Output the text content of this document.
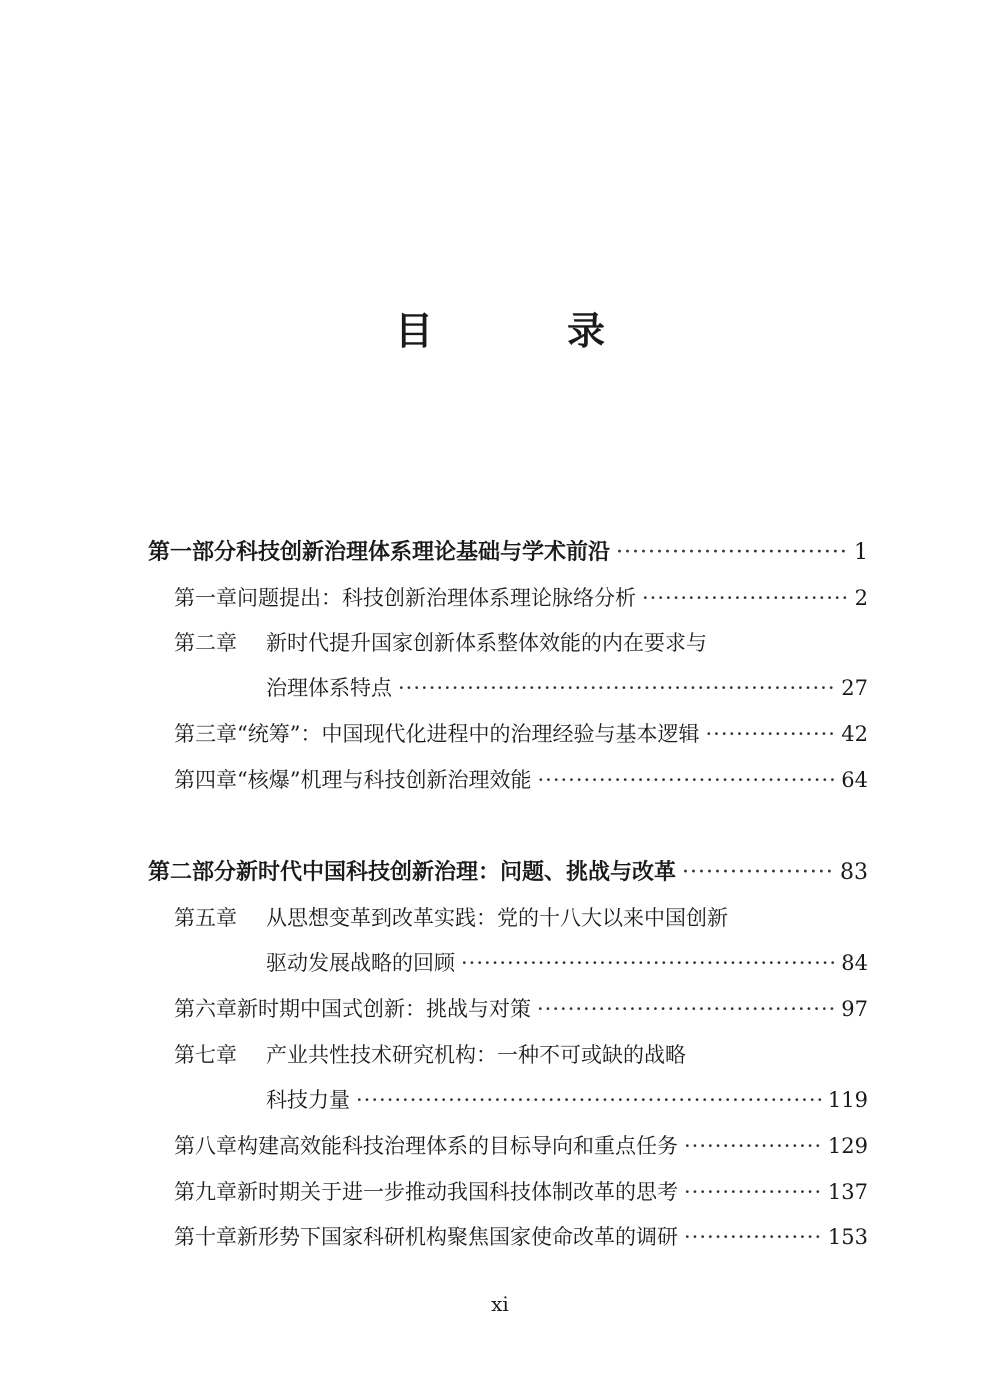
目　录
第一部分 科技创新治理体系理论基础与学术前沿 ·····	1
第一章 问题提出：科技创新治理体系理论脉络分析 ·····	2
第二章	新时代提升国家创新体系整体效能的内在要求与
治理体系特点 ·····	27
第三章 “统筹”：中国现代化进程中的治理经验与基本逻辑 ·····	42
第四章 “核爆”机理与科技创新治理效能 ·····	64
第二部分 新时代中国科技创新治理：问题、挑战与改革 ·····	83
第五章	从思想变革到改革实践：党的十八大以来中国创新
驱动发展战略的回顾 ·····	84
第六章 新时期中国式创新：挑战与对策 ·····	97
第七章	产业共性技术研究机构：一种不可或缺的战略
科技力量 ·····	119
第八章 构建高效能科技治理体系的目标导向和重点任务 ·····	129
第九章 新时期关于进一步推动我国科技体制改革的思考 ·····	137
第十章 新形势下国家科研机构聚焦国家使命改革的调研 ·····	153
xi
